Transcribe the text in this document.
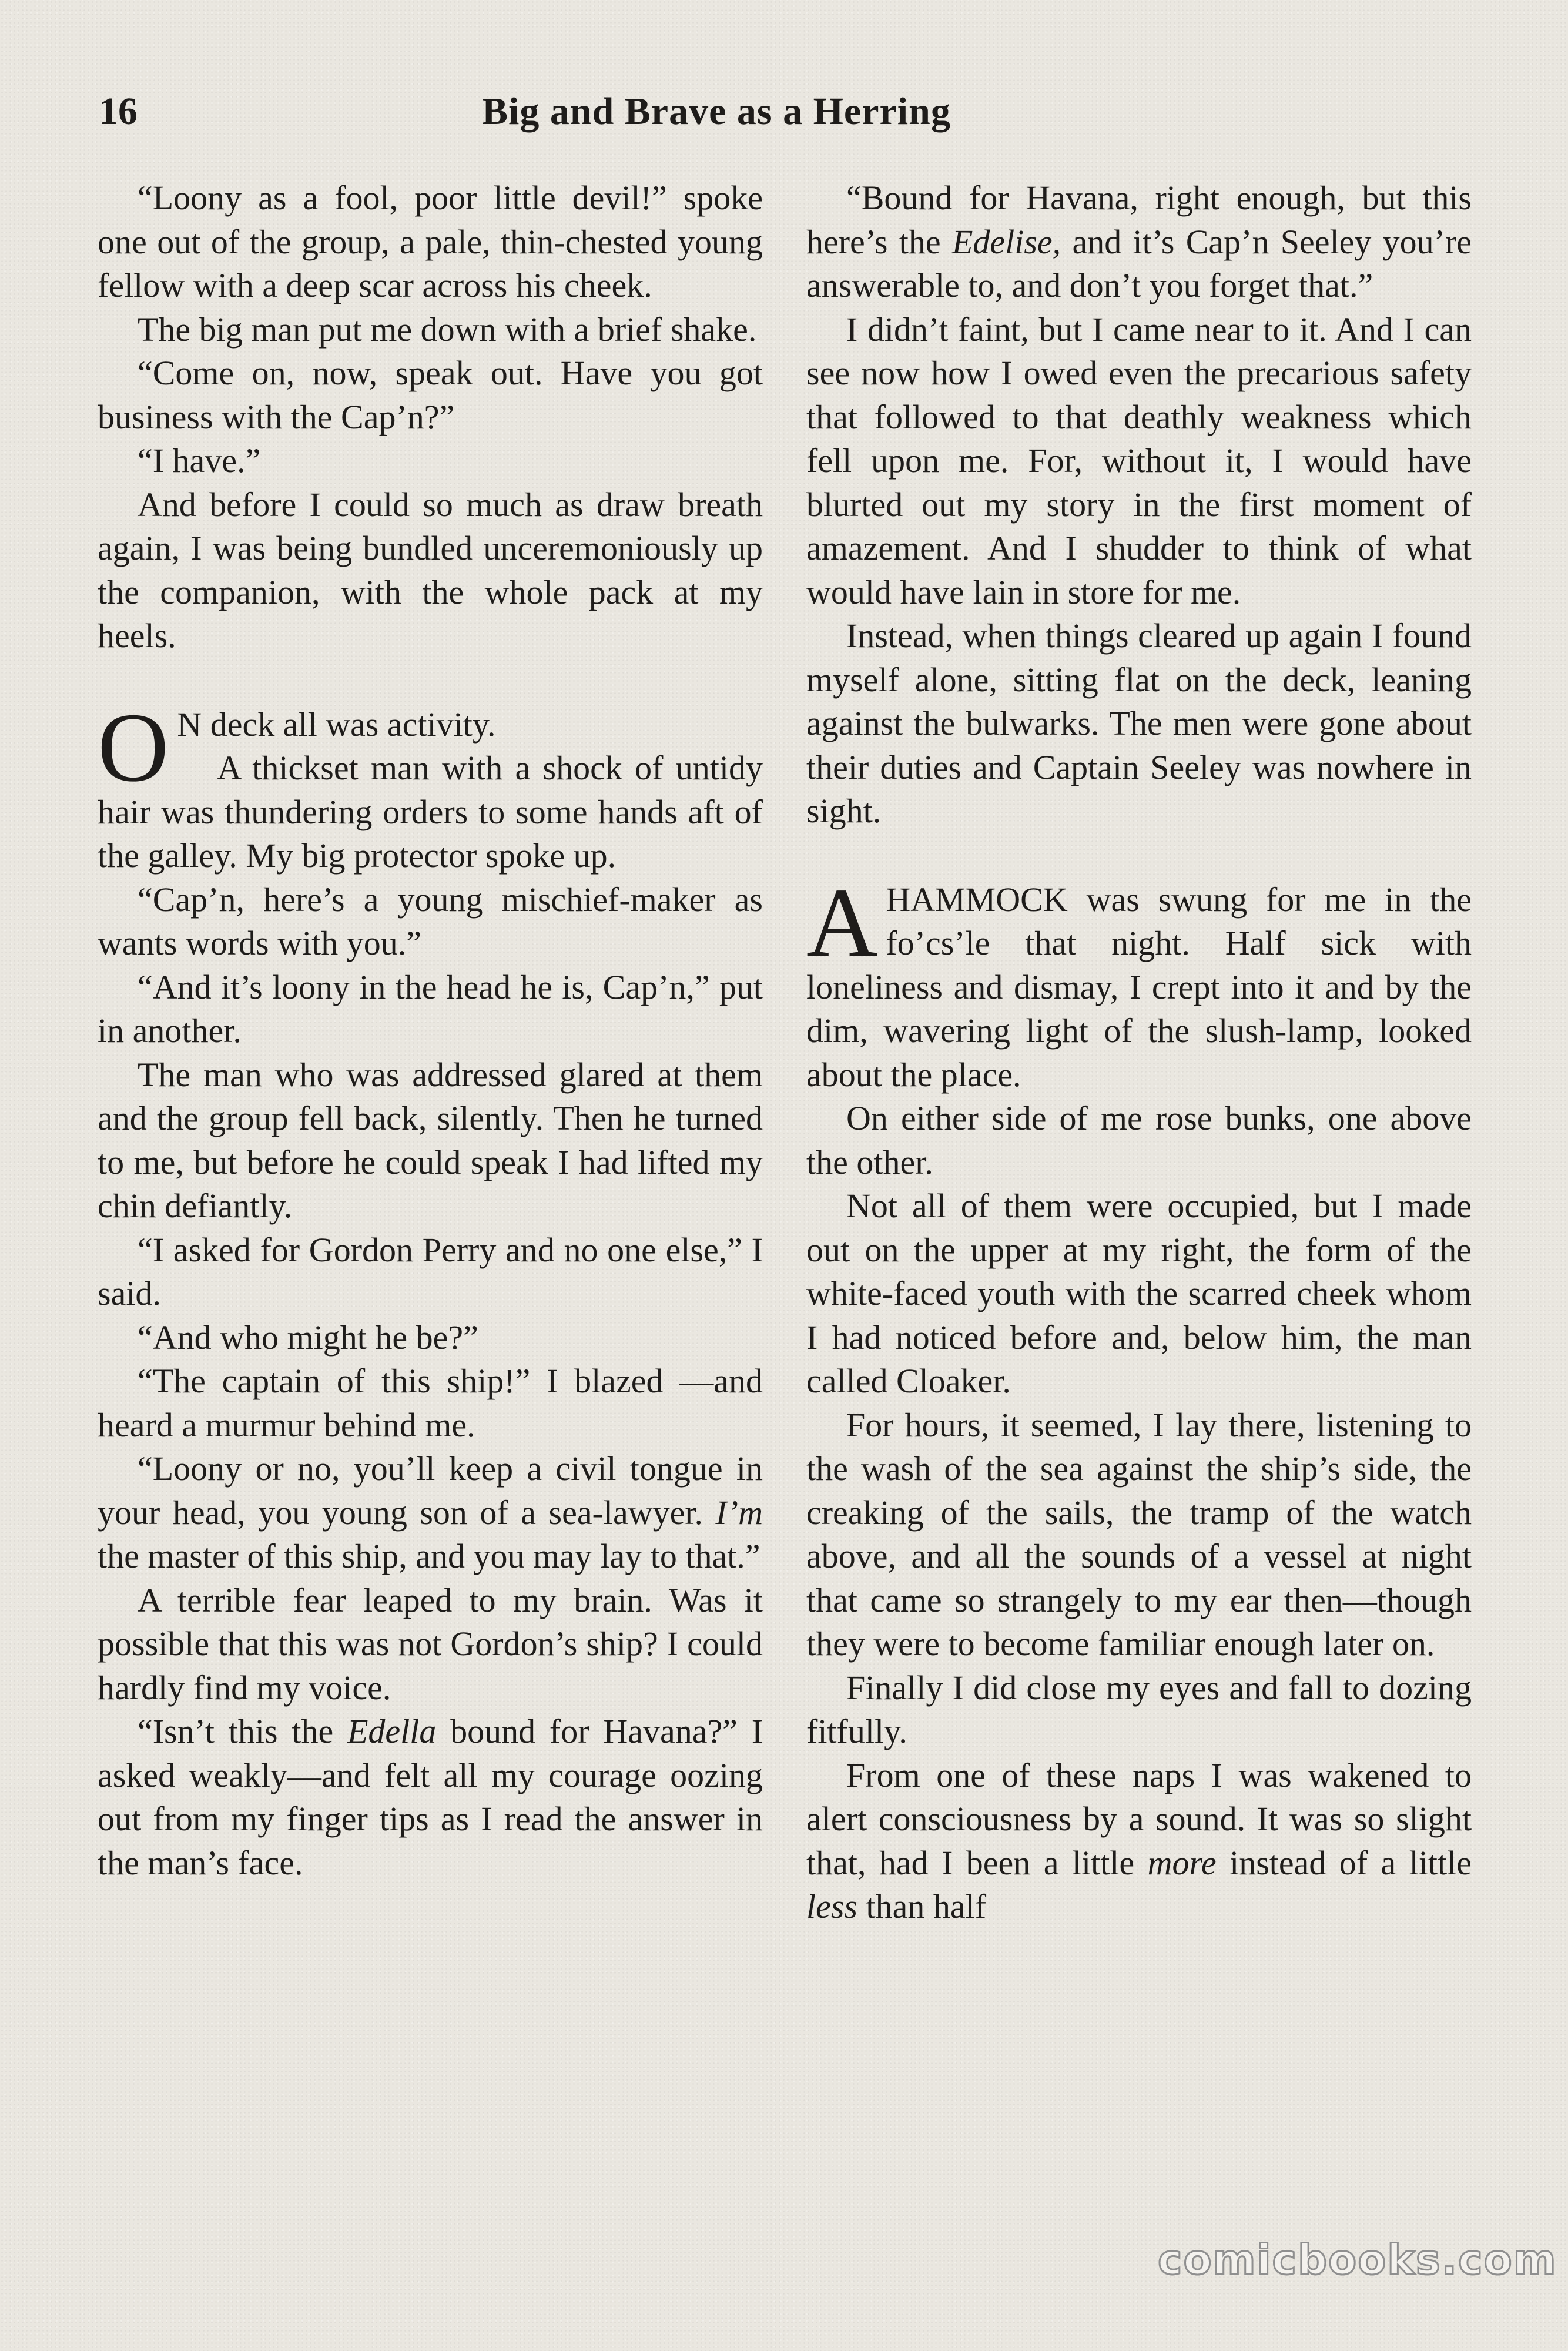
16	Big and Brave as a Herring

“Loony as a fool, poor little devil!” spoke one out of the group, a pale, thin-chested young fellow with a deep scar across his cheek.

The big man put me down with a brief shake.

“Come on, now, speak out. Have you got business with the Cap’n?”

“I have.”

And before I could so much as draw breath again, I was being bundled unceremoniously up the companion, with the whole pack at my heels.

O N deck all was activity.

A thickset man with a shock of untidy hair was thundering orders to some hands aft of the galley. My big protector spoke up.

“Cap’n, here’s a young mischief-maker as wants words with you.”

“And it’s loony in the head he is, Cap’n,” put in another.

The man who was addressed glared at them and the group fell back, silently. Then he turned to me, but before he could speak I had lifted my chin defiantly.

“I asked for Gordon Perry and no one else,” I said.

“And who might he be?”

“The captain of this ship!” I blazed —and heard a murmur behind me.

“Loony or no, you’ll keep a civil tongue in your head, you young son of a sea-lawyer. I’m the master of this ship, and you may lay to that.”

A terrible fear leaped to my brain. Was it possible that this was not Gordon’s ship? I could hardly find my voice.

“Isn’t this the Edella bound for Havana?” I asked weakly—and felt all my courage oozing out from my finger tips as I read the answer in the man’s face.

“Bound for Havana, right enough, but this here’s the Edelise, and it’s Cap’n Seeley you’re answerable to, and don’t you forget that.”

I didn’t faint, but I came near to it. And I can see now how I owed even the precarious safety that followed to that deathly weakness which fell upon me. For, without it, I would have blurted out my story in the first moment of amazement. And I shudder to think of what would have lain in store for me.

Instead, when things cleared up again I found myself alone, sitting flat on the deck, leaning against the bulwarks. The men were gone about their duties and Captain Seeley was nowhere in sight.

AHAMMOCK was swung for me in the fo’cs’le that night. Half sick with loneliness and dismay, I crept into it and by the dim, wavering light of the slush-lamp, looked about the place.

On either side of me rose bunks, one above the other.

Not all of them were occupied, but I made out on the upper at my right, the form of the white-faced youth with the scarred cheek whom I had noticed before and, below him, the man called Cloaker.

For hours, it seemed, I lay there, listening to the wash of the sea against the ship’s side, the creaking of the sails, the tramp of the watch above, and all the sounds of a vessel at night that came so strangely to my ear then—though they were to become familiar enough later on.

Finally I did close my eyes and fall to dozing fitfully.

From one of these naps I was wakened to alert consciousness by a sound. It was so slight that, had I been a little more instead of a little less than half

comicbooks.com
